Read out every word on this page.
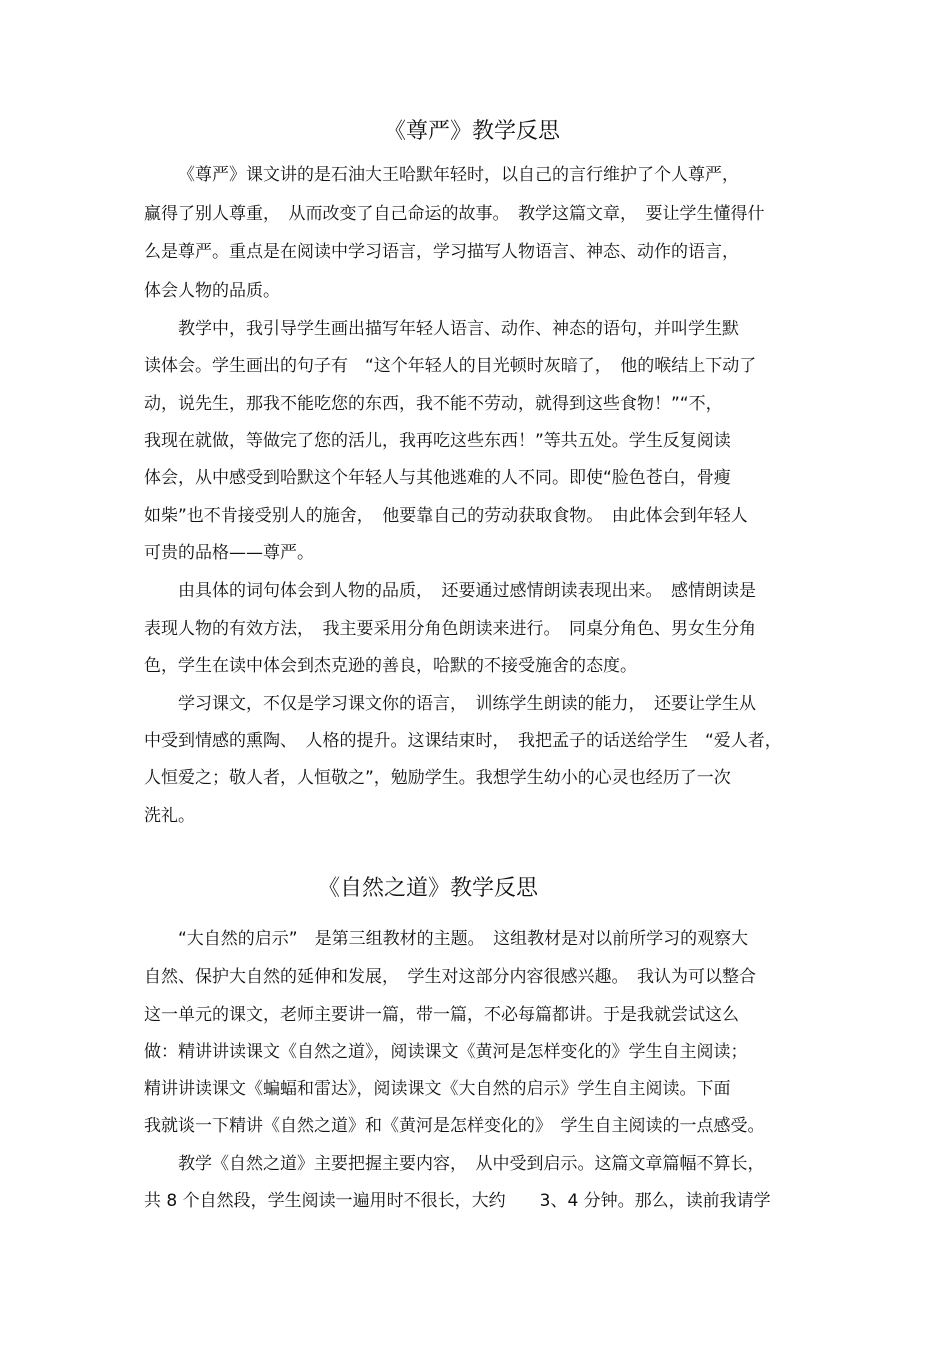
《尊严》教学反思

《尊严》课文讲的是石油大王哈默年轻时，以自己的言行维护了个人尊严，

赢得了别人尊重，　从而改变了自己命运的故事。　教学这篇文章，　要让学生懂得什

么是尊严。重点是在阅读中学习语言，学习描写人物语言、神态、动作的语言，

体会人物的品质。

教学中，我引导学生画出描写年轻人语言、动作、神态的语句，并叫学生默

读体会。学生画出的句子有　“这个年轻人的目光顿时灰暗了，　他的喉结上下动了

动，说先生，那我不能吃您的东西，我不能不劳动，就得到这些食物！”“不，

我现在就做，等做完了您的活儿，我再吃这些东西！”等共五处。学生反复阅读

体会，从中感受到哈默这个年轻人与其他逃难的人不同。即使“脸色苍白，骨瘦

如柴”也不肯接受别人的施舍，　他要靠自己的劳动获取食物。　由此体会到年轻人

可贵的品格——尊严。

由具体的词句体会到人物的品质，　还要通过感情朗读表现出来。　感情朗读是

表现人物的有效方法，　我主要采用分角色朗读来进行。　同桌分角色、男女生分角

色，学生在读中体会到杰克逊的善良，哈默的不接受施舍的态度。

学习课文，不仅是学习课文你的语言，　训练学生朗读的能力，　还要让学生从

中受到情感的熏陶、　人格的提升。这课结束时，　我把孟子的话送给学生　“爱人者，

人恒爱之；敬人者，人恒敬之”，勉励学生。我想学生幼小的心灵也经历了一次

洗礼。

《自然之道》教学反思

“大自然的启示”　是第三组教材的主题。　这组教材是对以前所学习的观察大

自然、保护大自然的延伸和发展，　学生对这部分内容很感兴趣。　我认为可以整合

这一单元的课文，老师主要讲一篇，带一篇，不必每篇都讲。于是我就尝试这么

做：精讲讲读课文《自然之道》，阅读课文《黄河是怎样变化的》学生自主阅读；

精讲讲读课文《蝙蝠和雷达》，阅读课文《大自然的启示》学生自主阅读。下面

我就谈一下精讲《自然之道》和《黄河是怎样变化的》　学生自主阅读的一点感受。

教学《自然之道》主要把握主要内容，　从中受到启示。这篇文章篇幅不算长，

共 8 个自然段，学生阅读一遍用时不很长，大约　　3、4 分钟。那么，读前我请学
